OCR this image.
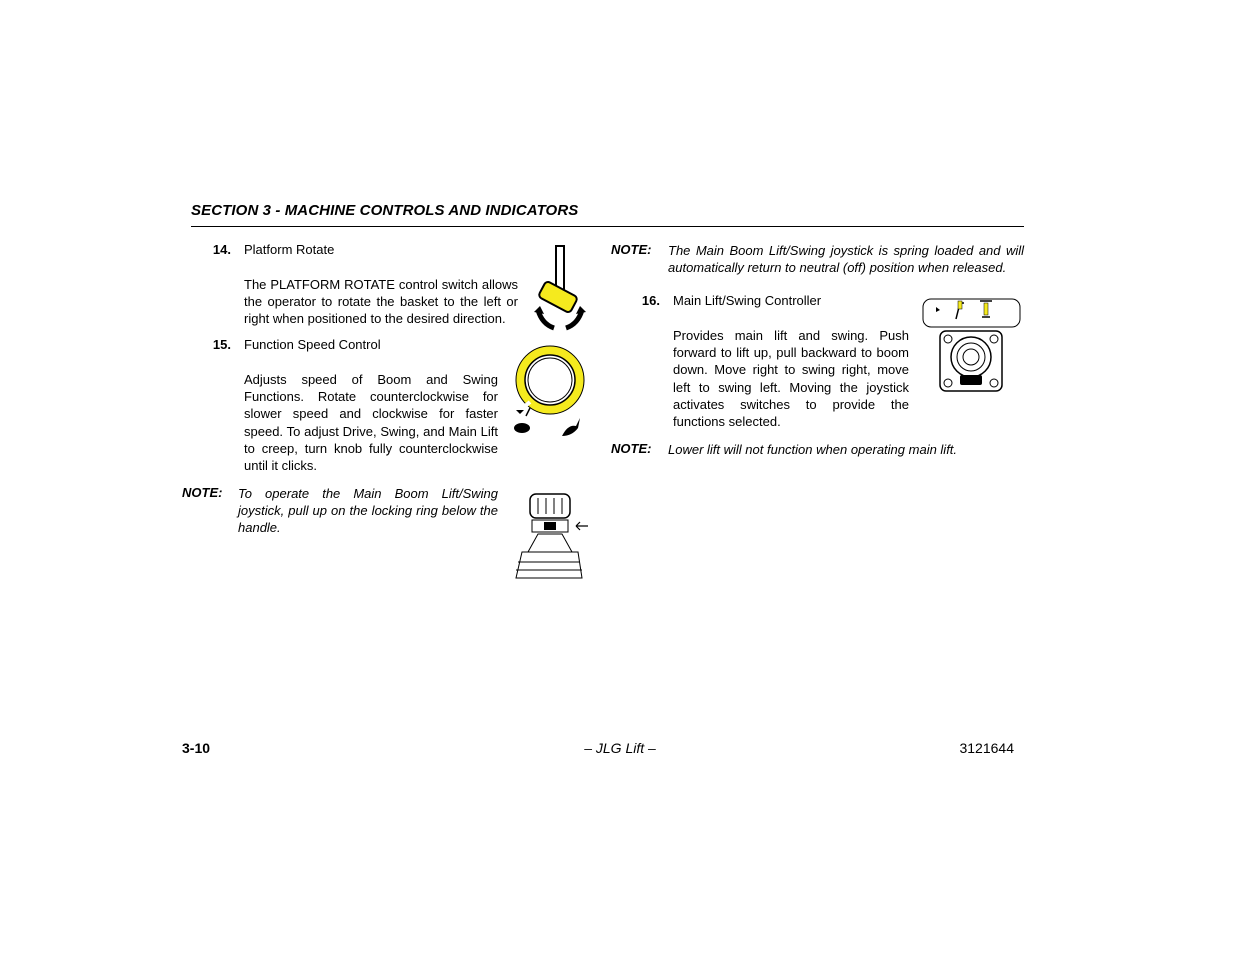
SECTION 3 - MACHINE CONTROLS AND INDICATORS
14. Platform Rotate
The PLATFORM ROTATE control switch allows the operator to rotate the basket to the left or right when positioned to the desired direction.
15. Function Speed Control
Adjusts speed of Boom and Swing Functions. Rotate counterclockwise for slower speed and clockwise for faster speed. To adjust Drive, Swing, and Main Lift to creep, turn knob fully counterclockwise until it clicks.
NOTE: To operate the Main Boom Lift/Swing joystick, pull up on the locking ring below the handle.
NOTE: The Main Boom Lift/Swing joystick is spring loaded and will automatically return to neutral (off) position when released.
16. Main Lift/Swing Controller
Provides main lift and swing. Push forward to lift up, pull backward to boom down. Move right to swing right, move left to swing left. Moving the joystick activates switches to provide the functions selected.
NOTE: Lower lift will not function when operating main lift.
3-10	– JLG Lift –	3121644
